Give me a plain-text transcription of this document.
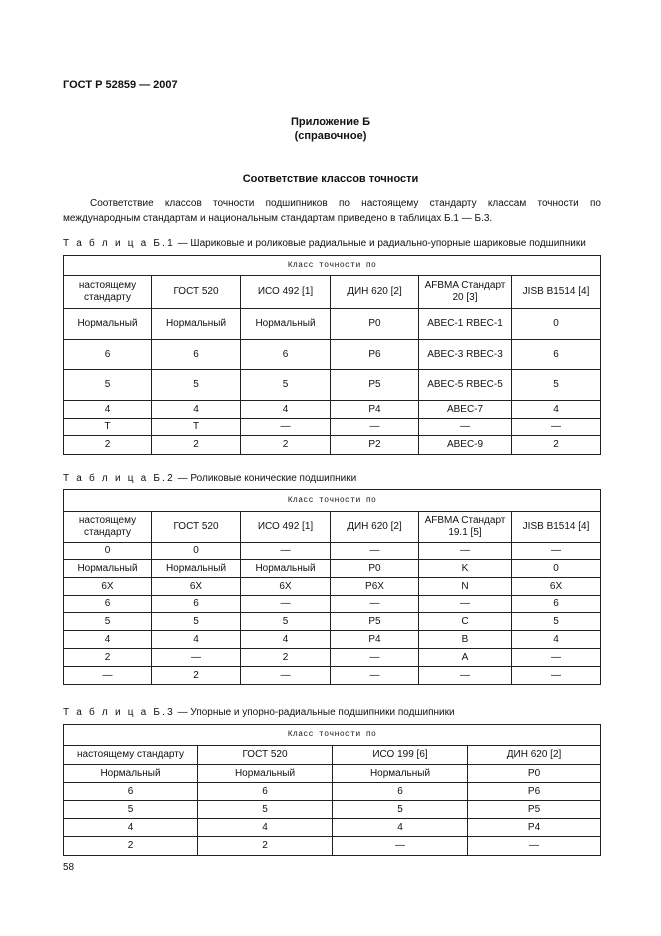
ГОСТ Р 52859 — 2007
Приложение Б
(справочное)
Соответствие классов точности
Соответствие классов точности подшипников по настоящему стандарту классам точности по международным стандартам и национальным стандартам приведено в таблицах Б.1 — Б.3.
Т а б л и ц а Б.1 — Шариковые и роликовые радиальные и радиально-упорные шариковые подшипники
Класс точности по					
настоящему стандарту	ГОСТ 520	ИСО 492 [1]	ДИН 620 [2]	AFBMA Стандарт 20 [3]	JISB B1514 [4]
Нормальный	Нормальный	Нормальный	P0	ABEC-1 RBEC-1	0
6	6	6	P6	ABEC-3 RBEC-3	6
5	5	5	P5	ABEC-5 RBEC-5	5
4	4	4	P4	ABEC-7	4
Т	Т	—	—	—	—
2	2	2	P2	ABEC-9	2
Т а б л и ц а Б.2 — Роликовые конические подшипники
Класс точности по					
настоящему стандарту	ГОСТ 520	ИСО 492 [1]	ДИН 620 [2]	AFBMA Стандарт 19.1 [5]	JISB B1514 [4]
0	0	—	—	—	—
Нормальный	Нормальный	Нормальный	P0	K	0
6X	6X	6X	P6X	N	6X
6	6	—	—	—	6
5	5	5	P5	C	5
4	4	4	P4	B	4
2	—	2	—	A	—
—	2	—	—	—	—
Т а б л и ц а Б.3 — Упорные и упорно-радиальные подшипники подшипники
Класс точности по			
настоящему стандарту	ГОСТ 520	ИСО 199 [6]	ДИН 620 [2]
Нормальный	Нормальный	Нормальный	P0
6	6	6	P6
5	5	5	P5
4	4	4	P4
2	2	—	—
58
